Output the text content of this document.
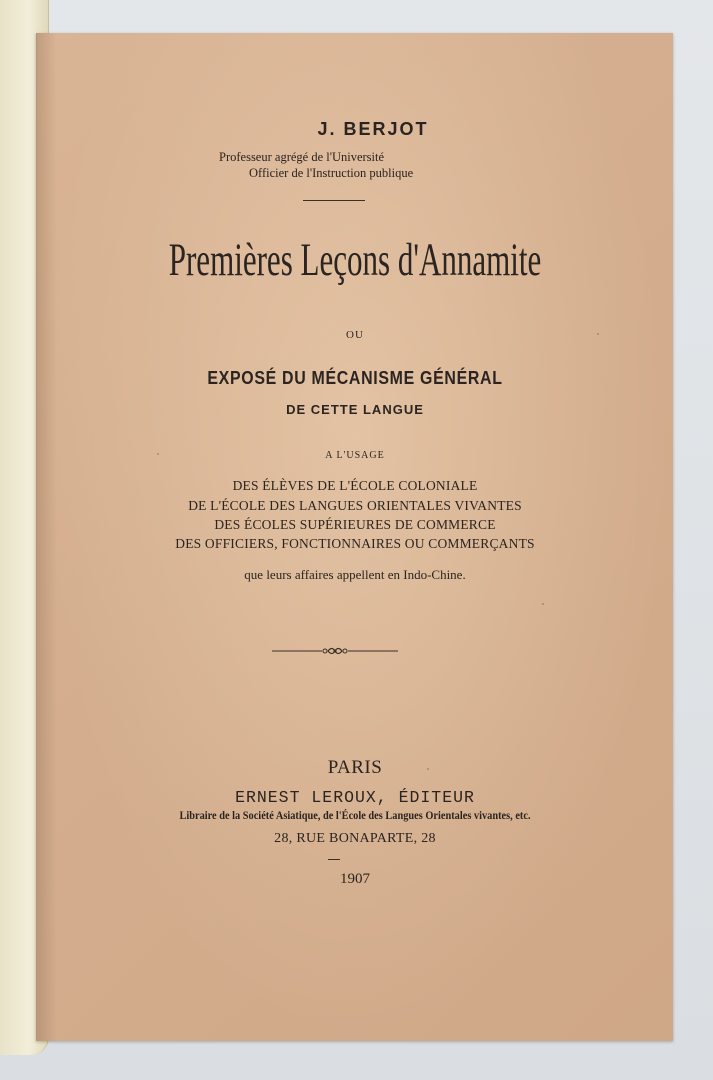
J. BERJOT
Professeur agrégé de l'Université
Officier de l'Instruction publique
Premières Leçons d'Annamite
OU
EXPOSÉ DU MÉCANISME GÉNÉRAL
DE CETTE LANGUE
A L'USAGE
DES ÉLÈVES DE L'ÉCOLE COLONIALE
DE L'ÉCOLE DES LANGUES ORIENTALES VIVANTES
DES ÉCOLES SUPÉRIEURES DE COMMERCE
DES OFFICIERS, FONCTIONNAIRES OU COMMERÇANTS
que leurs affaires appellent en Indo-Chine.
PARIS
ERNEST LEROUX, ÉDITEUR
Libraire de la Société Asiatique, de l'École des Langues Orientales vivantes, etc.
28, RUE BONAPARTE, 28
1907
